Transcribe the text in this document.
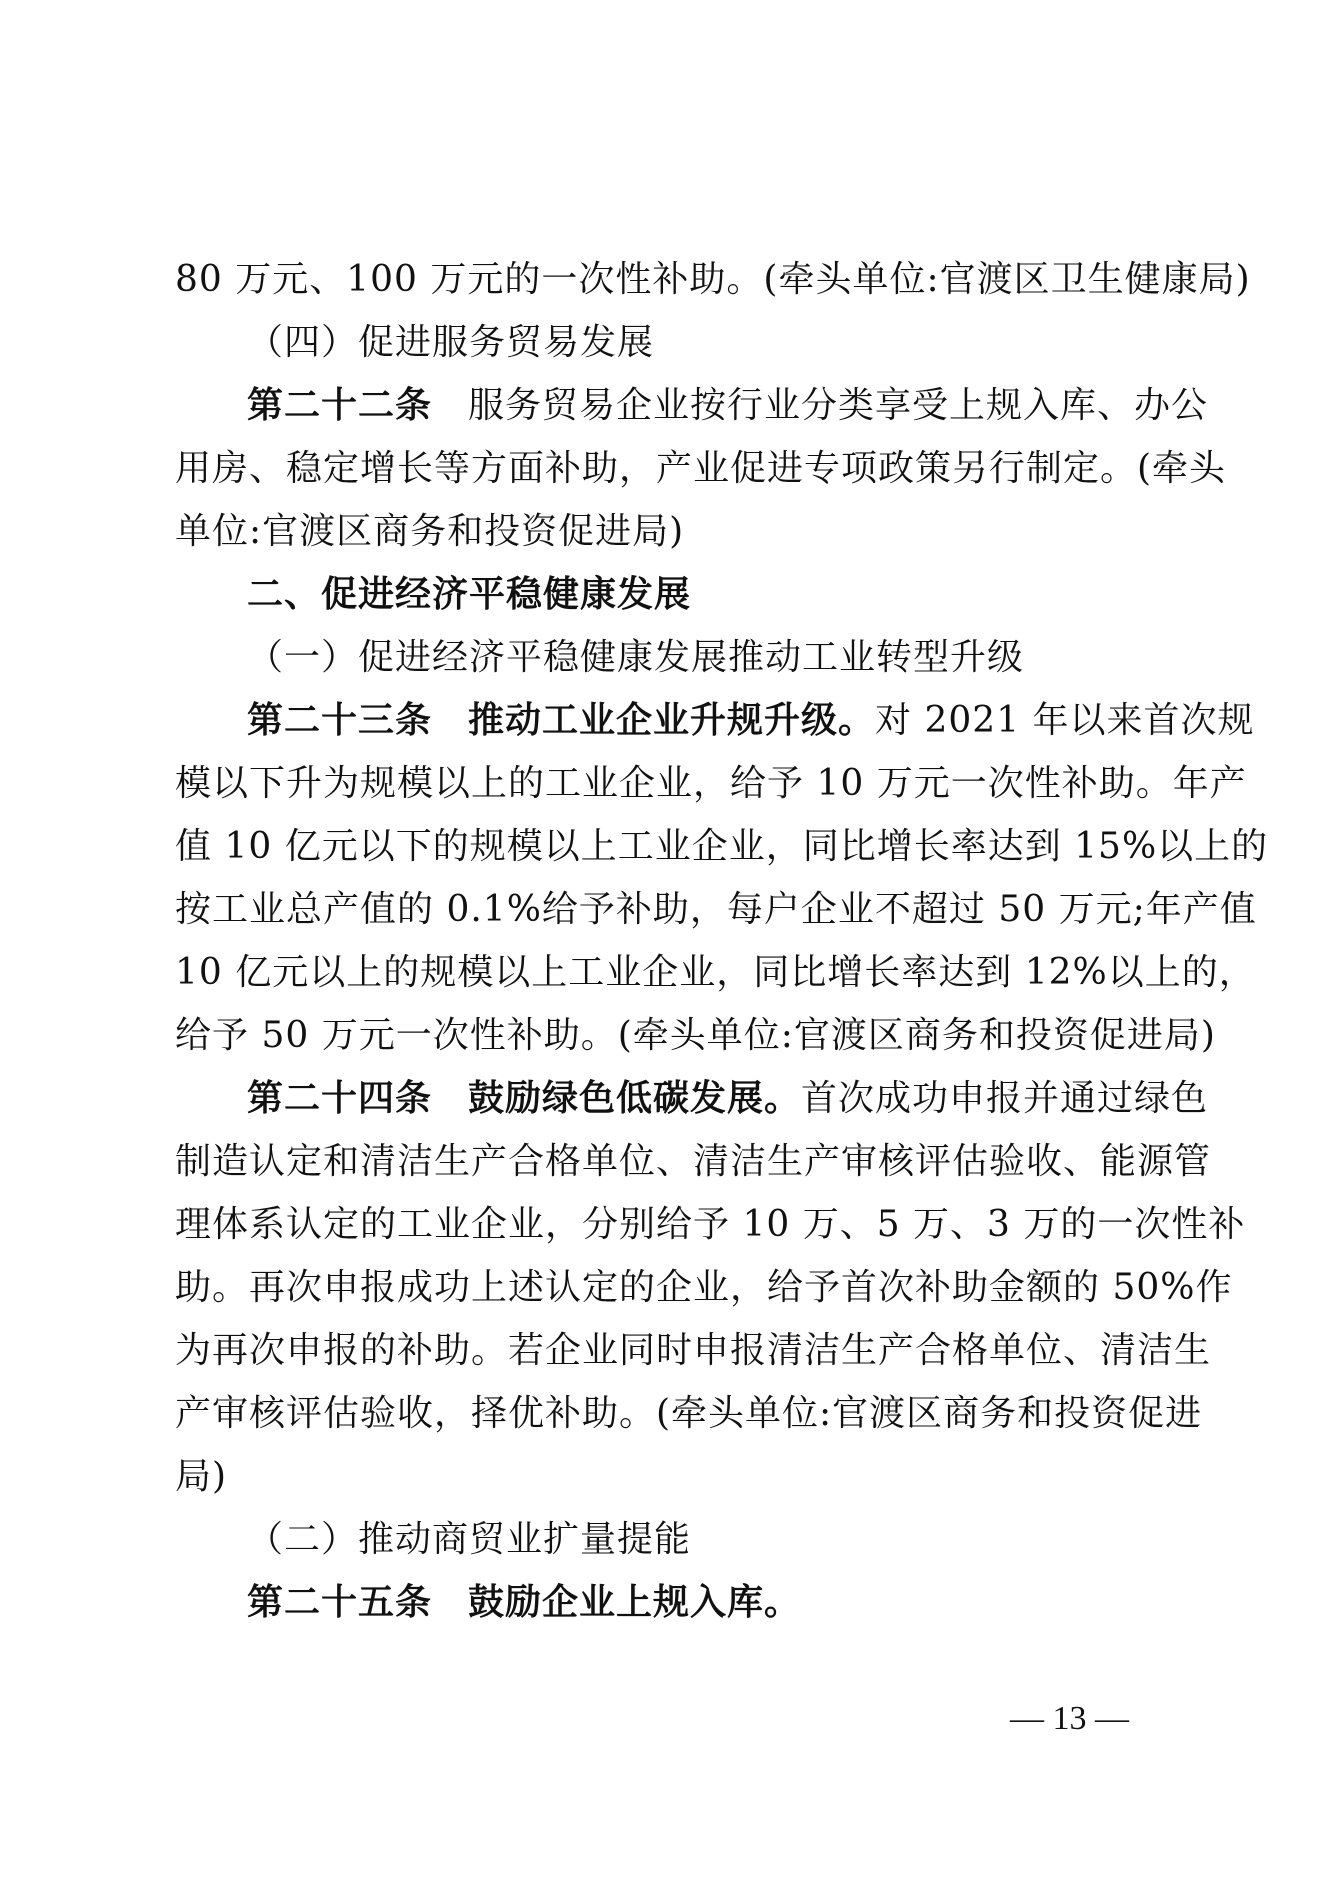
80 万元、100 万元的一次性补助。(牵头单位:官渡区卫生健康局)
（四）促进服务贸易发展
第二十二条 服务贸易企业按行业分类享受上规入库、办公
用房、稳定增长等方面补助，产业促进专项政策另行制定。(牵头
单位:官渡区商务和投资促进局)
二、促进经济平稳健康发展
（一）促进经济平稳健康发展推动工业转型升级
第二十三条 推动工业企业升规升级。对 2021 年以来首次规
模以下升为规模以上的工业企业，给予 10 万元一次性补助。年产
值 10 亿元以下的规模以上工业企业，同比增长率达到 15%以上的
按工业总产值的 0.1%给予补助，每户企业不超过 50 万元;年产值
10 亿元以上的规模以上工业企业，同比增长率达到 12%以上的，
给予 50 万元一次性补助。(牵头单位:官渡区商务和投资促进局)
第二十四条 鼓励绿色低碳发展。首次成功申报并通过绿色
制造认定和清洁生产合格单位、清洁生产审核评估验收、能源管
理体系认定的工业企业，分别给予 10 万、5 万、3 万的一次性补
助。再次申报成功上述认定的企业，给予首次补助金额的 50%作
为再次申报的补助。若企业同时申报清洁生产合格单位、清洁生
产审核评估验收，择优补助。(牵头单位:官渡区商务和投资促进
局)
（二）推动商贸业扩量提能
第二十五条 鼓励企业上规入库。
— 13 —
